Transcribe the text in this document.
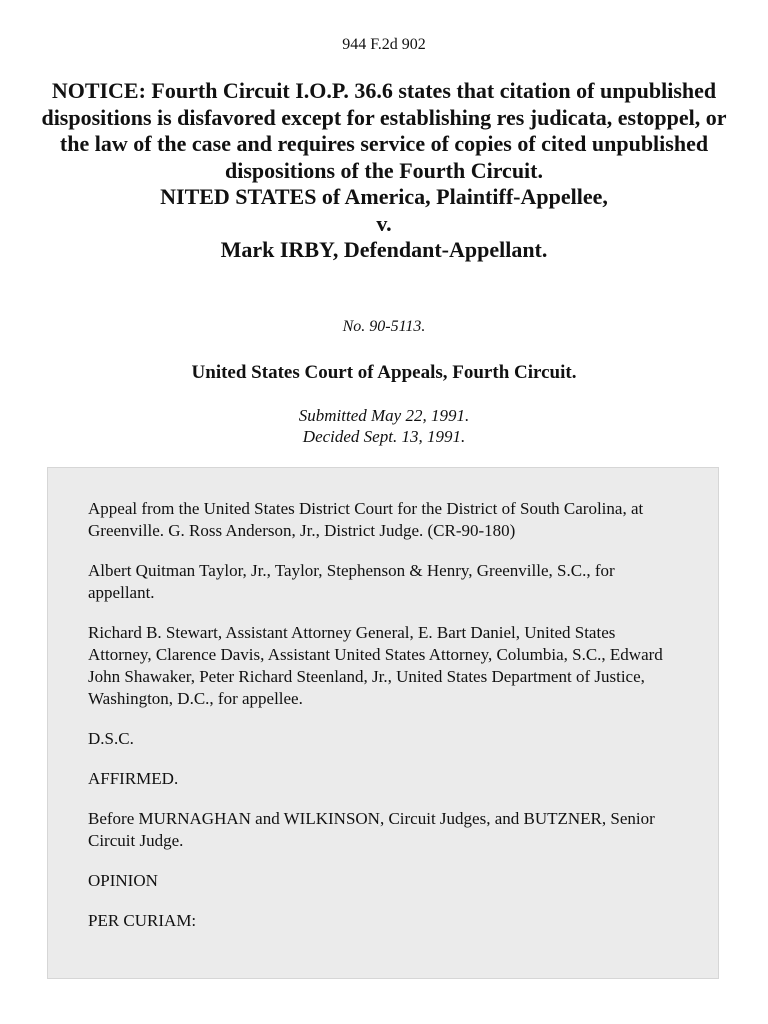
944 F.2d 902
NOTICE: Fourth Circuit I.O.P. 36.6 states that citation of unpublished dispositions is disfavored except for establishing res judicata, estoppel, or the law of the case and requires service of copies of cited unpublished dispositions of the Fourth Circuit.
NITED STATES of America, Plaintiff-Appellee,
v.
Mark IRBY, Defendant-Appellant.
No. 90-5113.
United States Court of Appeals, Fourth Circuit.
Submitted May 22, 1991.
Decided Sept. 13, 1991.

Appeal from the United States District Court for the District of South Carolina, at Greenville. G. Ross Anderson, Jr., District Judge. (CR-90-180)

Albert Quitman Taylor, Jr., Taylor, Stephenson & Henry, Greenville, S.C., for appellant.

Richard B. Stewart, Assistant Attorney General, E. Bart Daniel, United States Attorney, Clarence Davis, Assistant United States Attorney, Columbia, S.C., Edward John Shawaker, Peter Richard Steenland, Jr., United States Department of Justice, Washington, D.C., for appellee.

D.S.C.

AFFIRMED.

Before MURNAGHAN and WILKINSON, Circuit Judges, and BUTZNER, Senior Circuit Judge.

OPINION

PER CURIAM:
